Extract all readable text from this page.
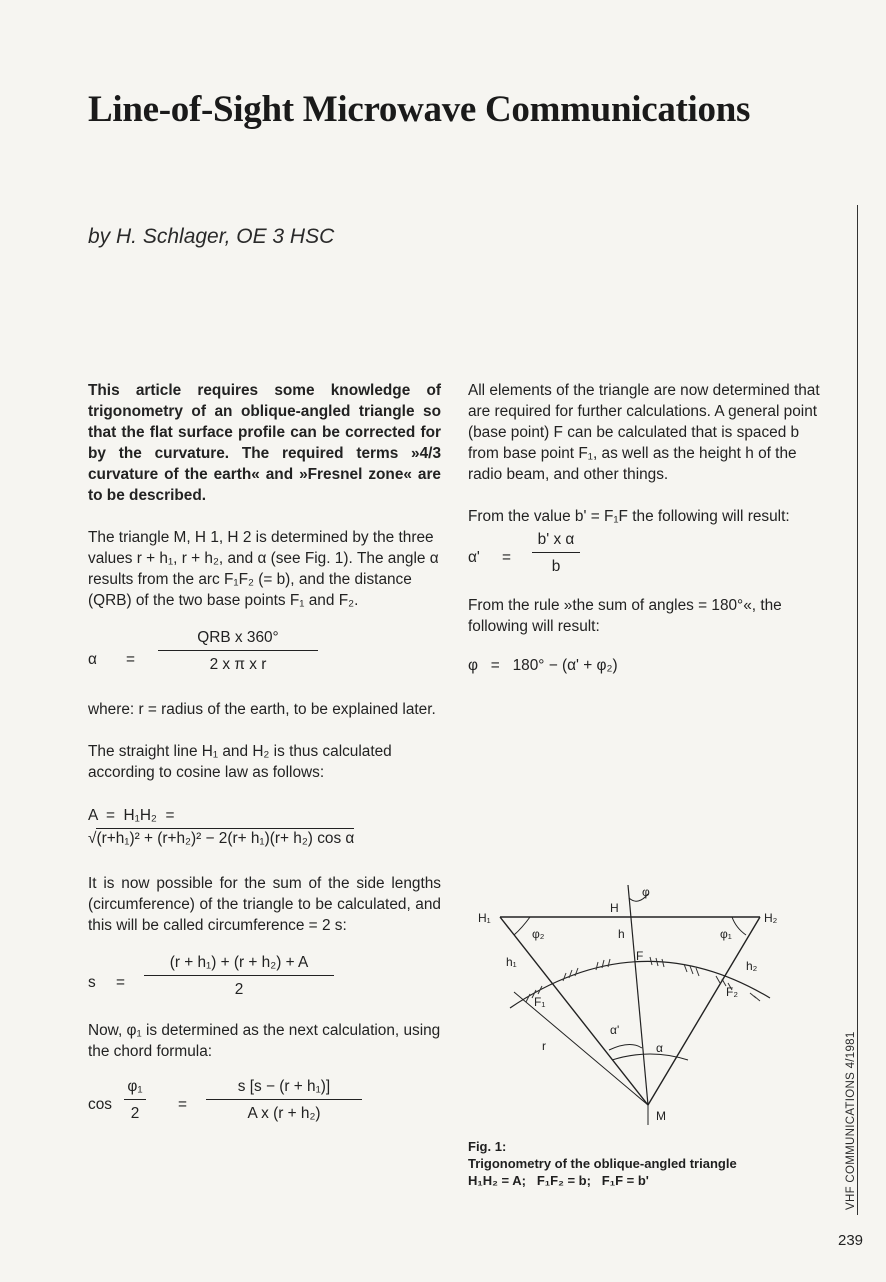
Line-of-Sight Microwave Communications
by H. Schlager, OE 3 HSC

This article requires some knowledge of trigonometry of an oblique-angled triangle so that the flat surface profile can be corrected for by the curvature. The required terms »4/3 curvature of the earth« and »Fresnel zone« are to be described.

The triangle M, H 1, H 2 is determined by the three values r + h₁, r + h₂, and α (see Fig. 1). The angle α results from the arc F₁F₂ (= b), and the distance (QRB) of the two base points F₁ and F₂.

α =
QRB x 360°
2 x π x r

where: r = radius of the earth, to be explained later.

The straight line H₁ and H₂ is thus calculated according to cosine law as follows:

A  =  H₁H₂  =
√(r+h₁)² + (r+h₂)² − 2(r+ h₁)(r+ h₂) cos α

It is now possible for the sum of the side lengths (circumference) of the triangle to be calculated, and this will be called circumference = 2 s:

$s = \frac{\text{(r + h₁) + (r + h₂) + A}}{2}$

Now, φ₁ is determined as the next calculation, using the chord formula:

$\cos \frac{\text{φ₁}}{2} = \frac{\text{s [s − (r + h₁)]}}{\text{A x (r + h₂)}}$

All elements of the triangle are now determined that are required for further calculations. A general point (base point) F can be calculated that is spaced b from base point F₁, as well as the height h of the radio beam, and other things.

From the value b' = F₁F the following will result:

$\alpha' = \frac{\text{b' x α}}{b}$

From the rule »the sum of angles = 180°«, the following will result:

φ   =   180° − (α' + φ₂)
H₁	H₂
H
φ
φ₁
φ₂	h
h₁	h₂
F
F₁
F₂
r	α
α'
M
Fig. 1:
Trigonometry of the oblique-angled triangle
H₁H₂ = A;   F₁F₂ = b;   F₁F = b'	VHF COMMUNICATIONS 4/1981
239
